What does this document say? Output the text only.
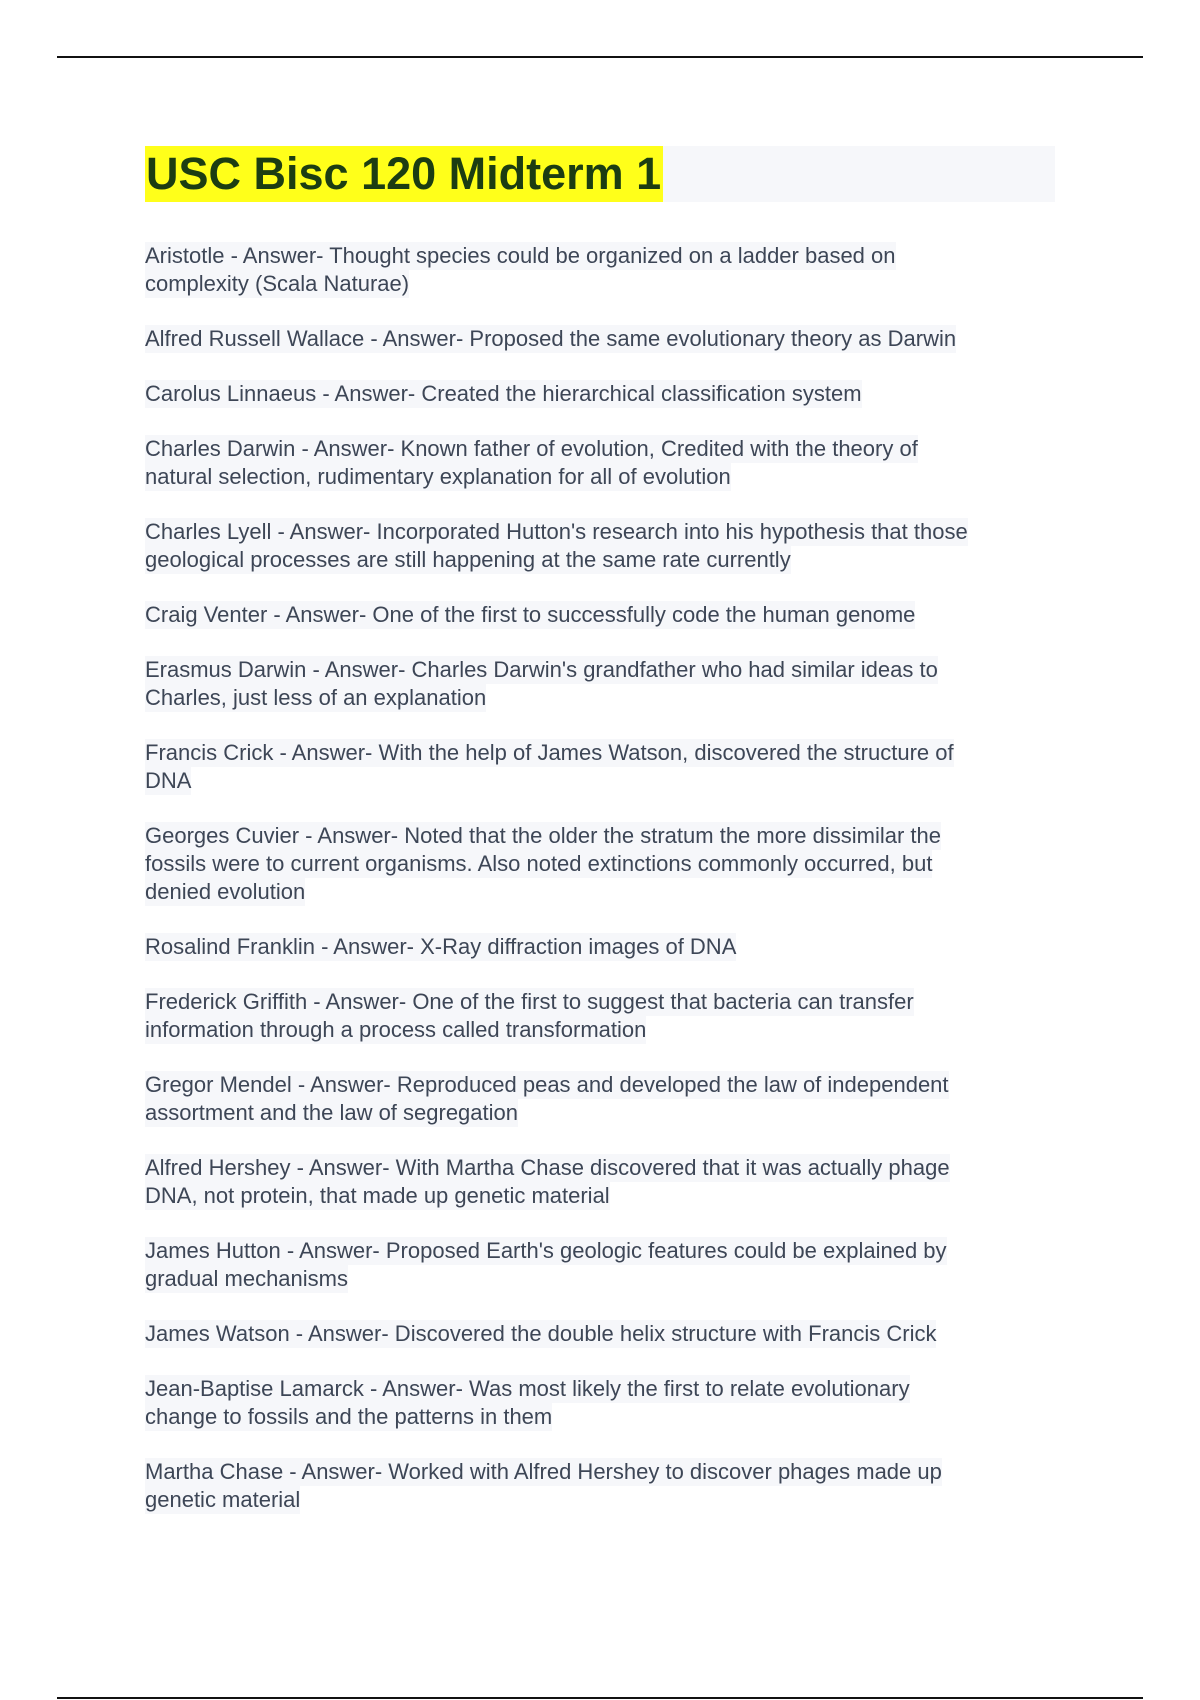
USC Bisc 120 Midterm 1

Aristotle - Answer- Thought species could be organized on a ladder based on
complexity (Scala Naturae)

Alfred Russell Wallace - Answer- Proposed the same evolutionary theory as Darwin

Carolus Linnaeus - Answer- Created the hierarchical classification system

Charles Darwin - Answer- Known father of evolution, Credited with the theory of
natural selection, rudimentary explanation for all of evolution

Charles Lyell - Answer- Incorporated Hutton's research into his hypothesis that those
geological processes are still happening at the same rate currently

Craig Venter - Answer- One of the first to successfully code the human genome

Erasmus Darwin - Answer- Charles Darwin's grandfather who had similar ideas to
Charles, just less of an explanation

Francis Crick - Answer- With the help of James Watson, discovered the structure of
DNA

Georges Cuvier - Answer- Noted that the older the stratum the more dissimilar the
fossils were to current organisms. Also noted extinctions commonly occurred, but
denied evolution

Rosalind Franklin - Answer- X-Ray diffraction images of DNA

Frederick Griffith - Answer- One of the first to suggest that bacteria can transfer
information through a process called transformation

Gregor Mendel - Answer- Reproduced peas and developed the law of independent
assortment and the law of segregation

Alfred Hershey - Answer- With Martha Chase discovered that it was actually phage
DNA, not protein, that made up genetic material

James Hutton - Answer- Proposed Earth's geologic features could be explained by
gradual mechanisms

James Watson - Answer- Discovered the double helix structure with Francis Crick

Jean-Baptise Lamarck - Answer- Was most likely the first to relate evolutionary
change to fossils and the patterns in them

Martha Chase - Answer- Worked with Alfred Hershey to discover phages made up
genetic material
